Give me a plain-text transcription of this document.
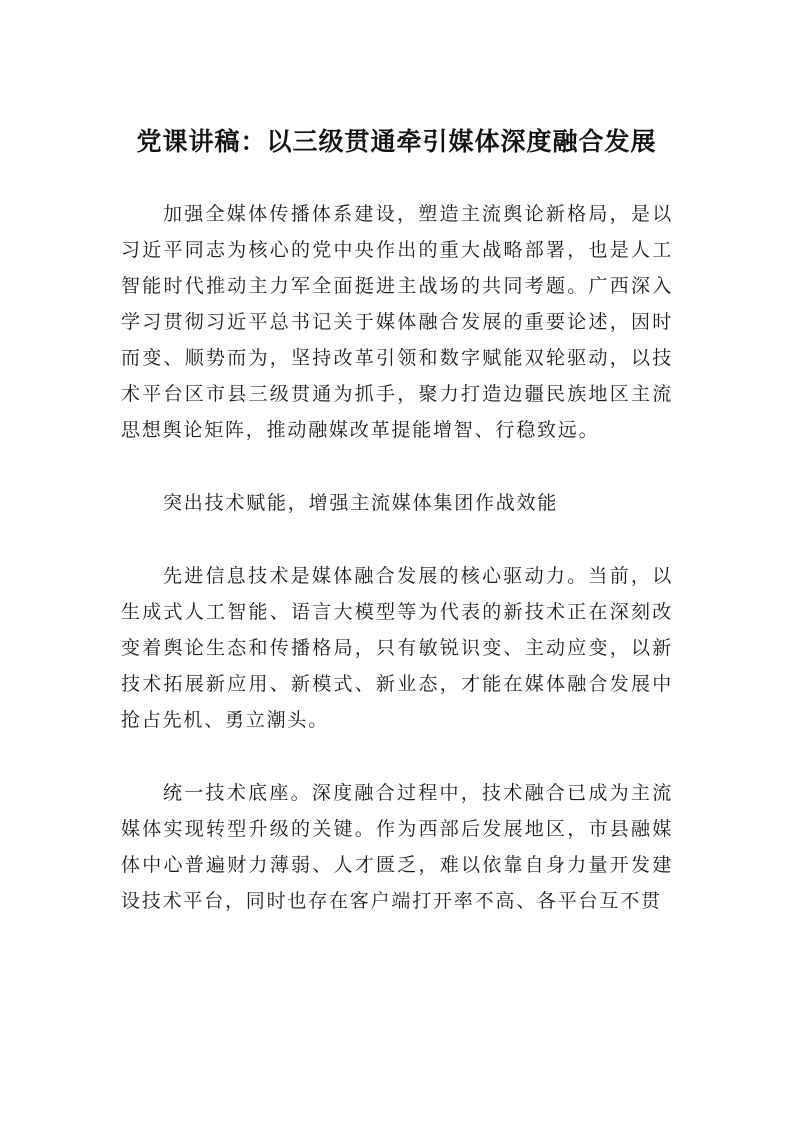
党课讲稿：以三级贯通牵引媒体深度融合发展

加强全媒体传播体系建设，塑造主流舆论新格局，是以习近平同志为核心的党中央作出的重大战略部署，也是人工智能时代推动主力军全面挺进主战场的共同考题。广西深入学习贯彻习近平总书记关于媒体融合发展的重要论述，因时而变、顺势而为，坚持改革引领和数字赋能双轮驱动，以技术平台区市县三级贯通为抓手，聚力打造边疆民族地区主流思想舆论矩阵，推动融媒改革提能增智、行稳致远。

突出技术赋能，增强主流媒体集团作战效能

先进信息技术是媒体融合发展的核心驱动力。当前，以生成式人工智能、语言大模型等为代表的新技术正在深刻改变着舆论生态和传播格局，只有敏锐识变、主动应变，以新技术拓展新应用、新模式、新业态，才能在媒体融合发展中抢占先机、勇立潮头。

统一技术底座。深度融合过程中，技术融合已成为主流媒体实现转型升级的关键。作为西部后发展地区，市县融媒体中心普遍财力薄弱、人才匮乏，难以依靠自身力量开发建设技术平台，同时也存在客户端打开率不高、各平台互不贯
